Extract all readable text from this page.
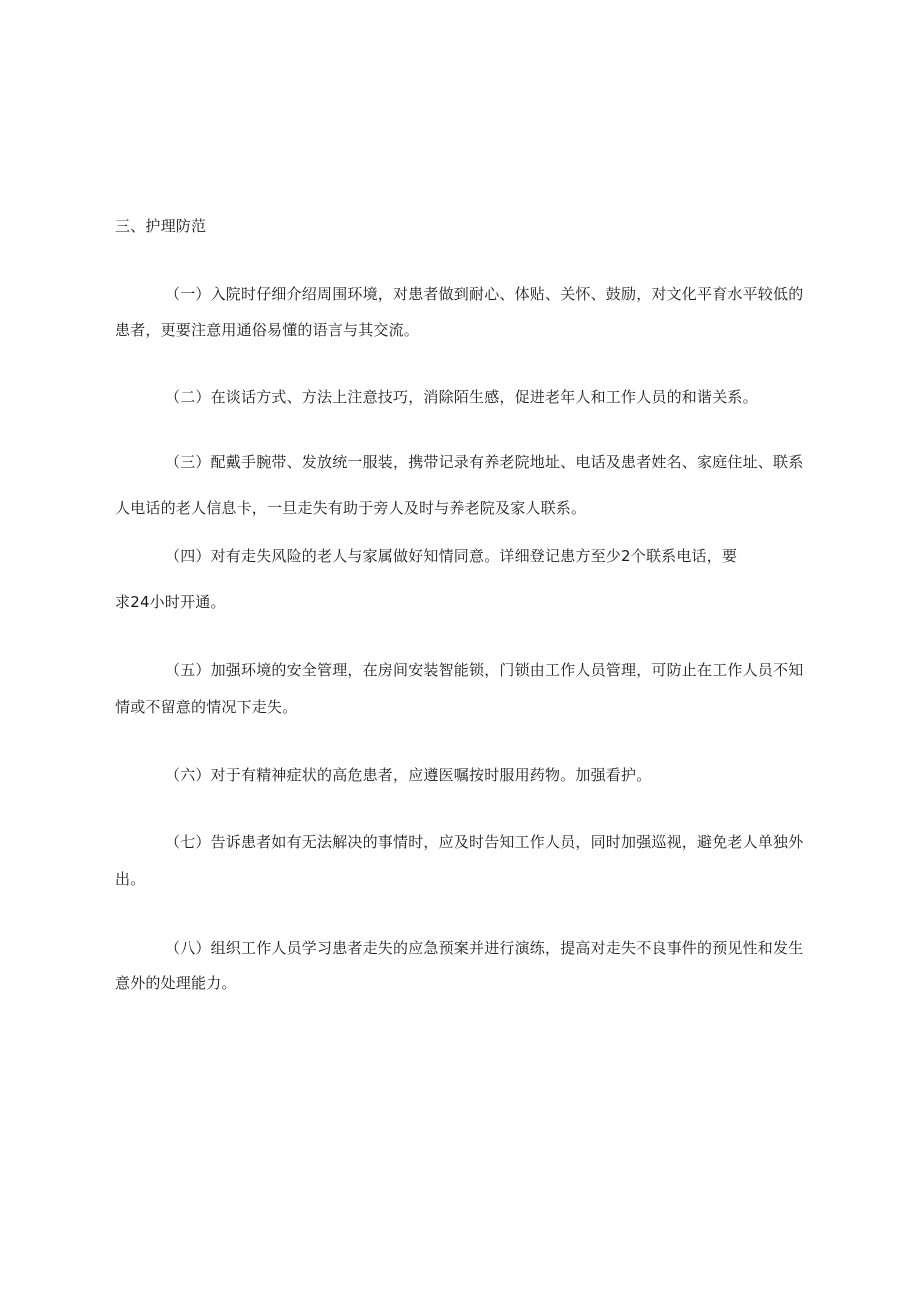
三、护理防范
（一）入院时仔细介绍周围环境，对患者做到耐心、体贴、关怀、鼓励，对文化平育水平较低的
患者，更要注意用通俗易懂的语言与其交流。
（二）在谈话方式、方法上注意技巧，消除陌生感，促进老年人和工作人员的和谐关系。
（三）配戴手腕带、发放统一服装，携带记录有养老院地址、电话及患者姓名、家庭住址、联系
人电话的老人信息卡，一旦走失有助于旁人及时与养老院及家人联系。
（四）对有走失风险的老人与家属做好知情同意。详细登记患方至少2个联系电话，要
求24小时开通。
（五）加强环境的安全管理，在房间安装智能锁，门锁由工作人员管理，可防止在工作人员不知
情或不留意的情况下走失。
（六）对于有精神症状的高危患者，应遵医嘱按时服用药物。加强看护。
（七）告诉患者如有无法解决的事情时，应及时告知工作人员，同时加强巡视，避免老人单独外
出。
（八）组织工作人员学习患者走失的应急预案并进行演练，提高对走失不良事件的预见性和发生
意外的处理能力。
